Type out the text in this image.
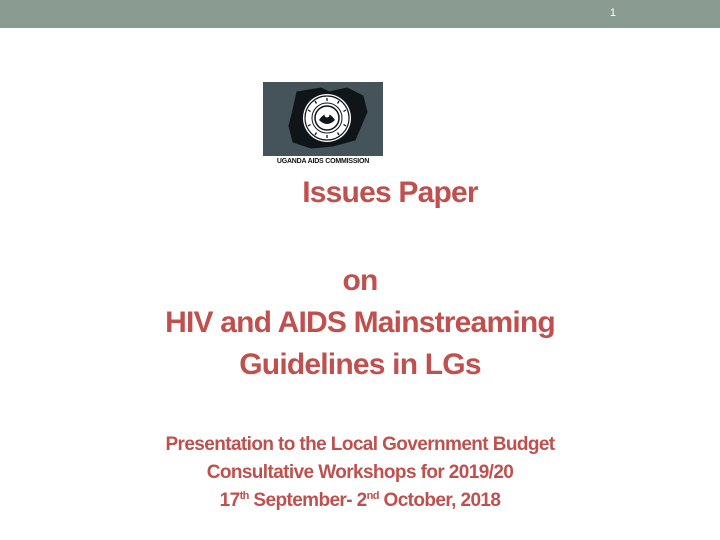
1
UGANDA AIDS COMMISSION
Issues Paper
on
HIV and AIDS Mainstreaming
Guidelines in LGs
Presentation to the Local Government Budget
Consultative Workshops for 2019/20
17th September- 2nd October, 2018
